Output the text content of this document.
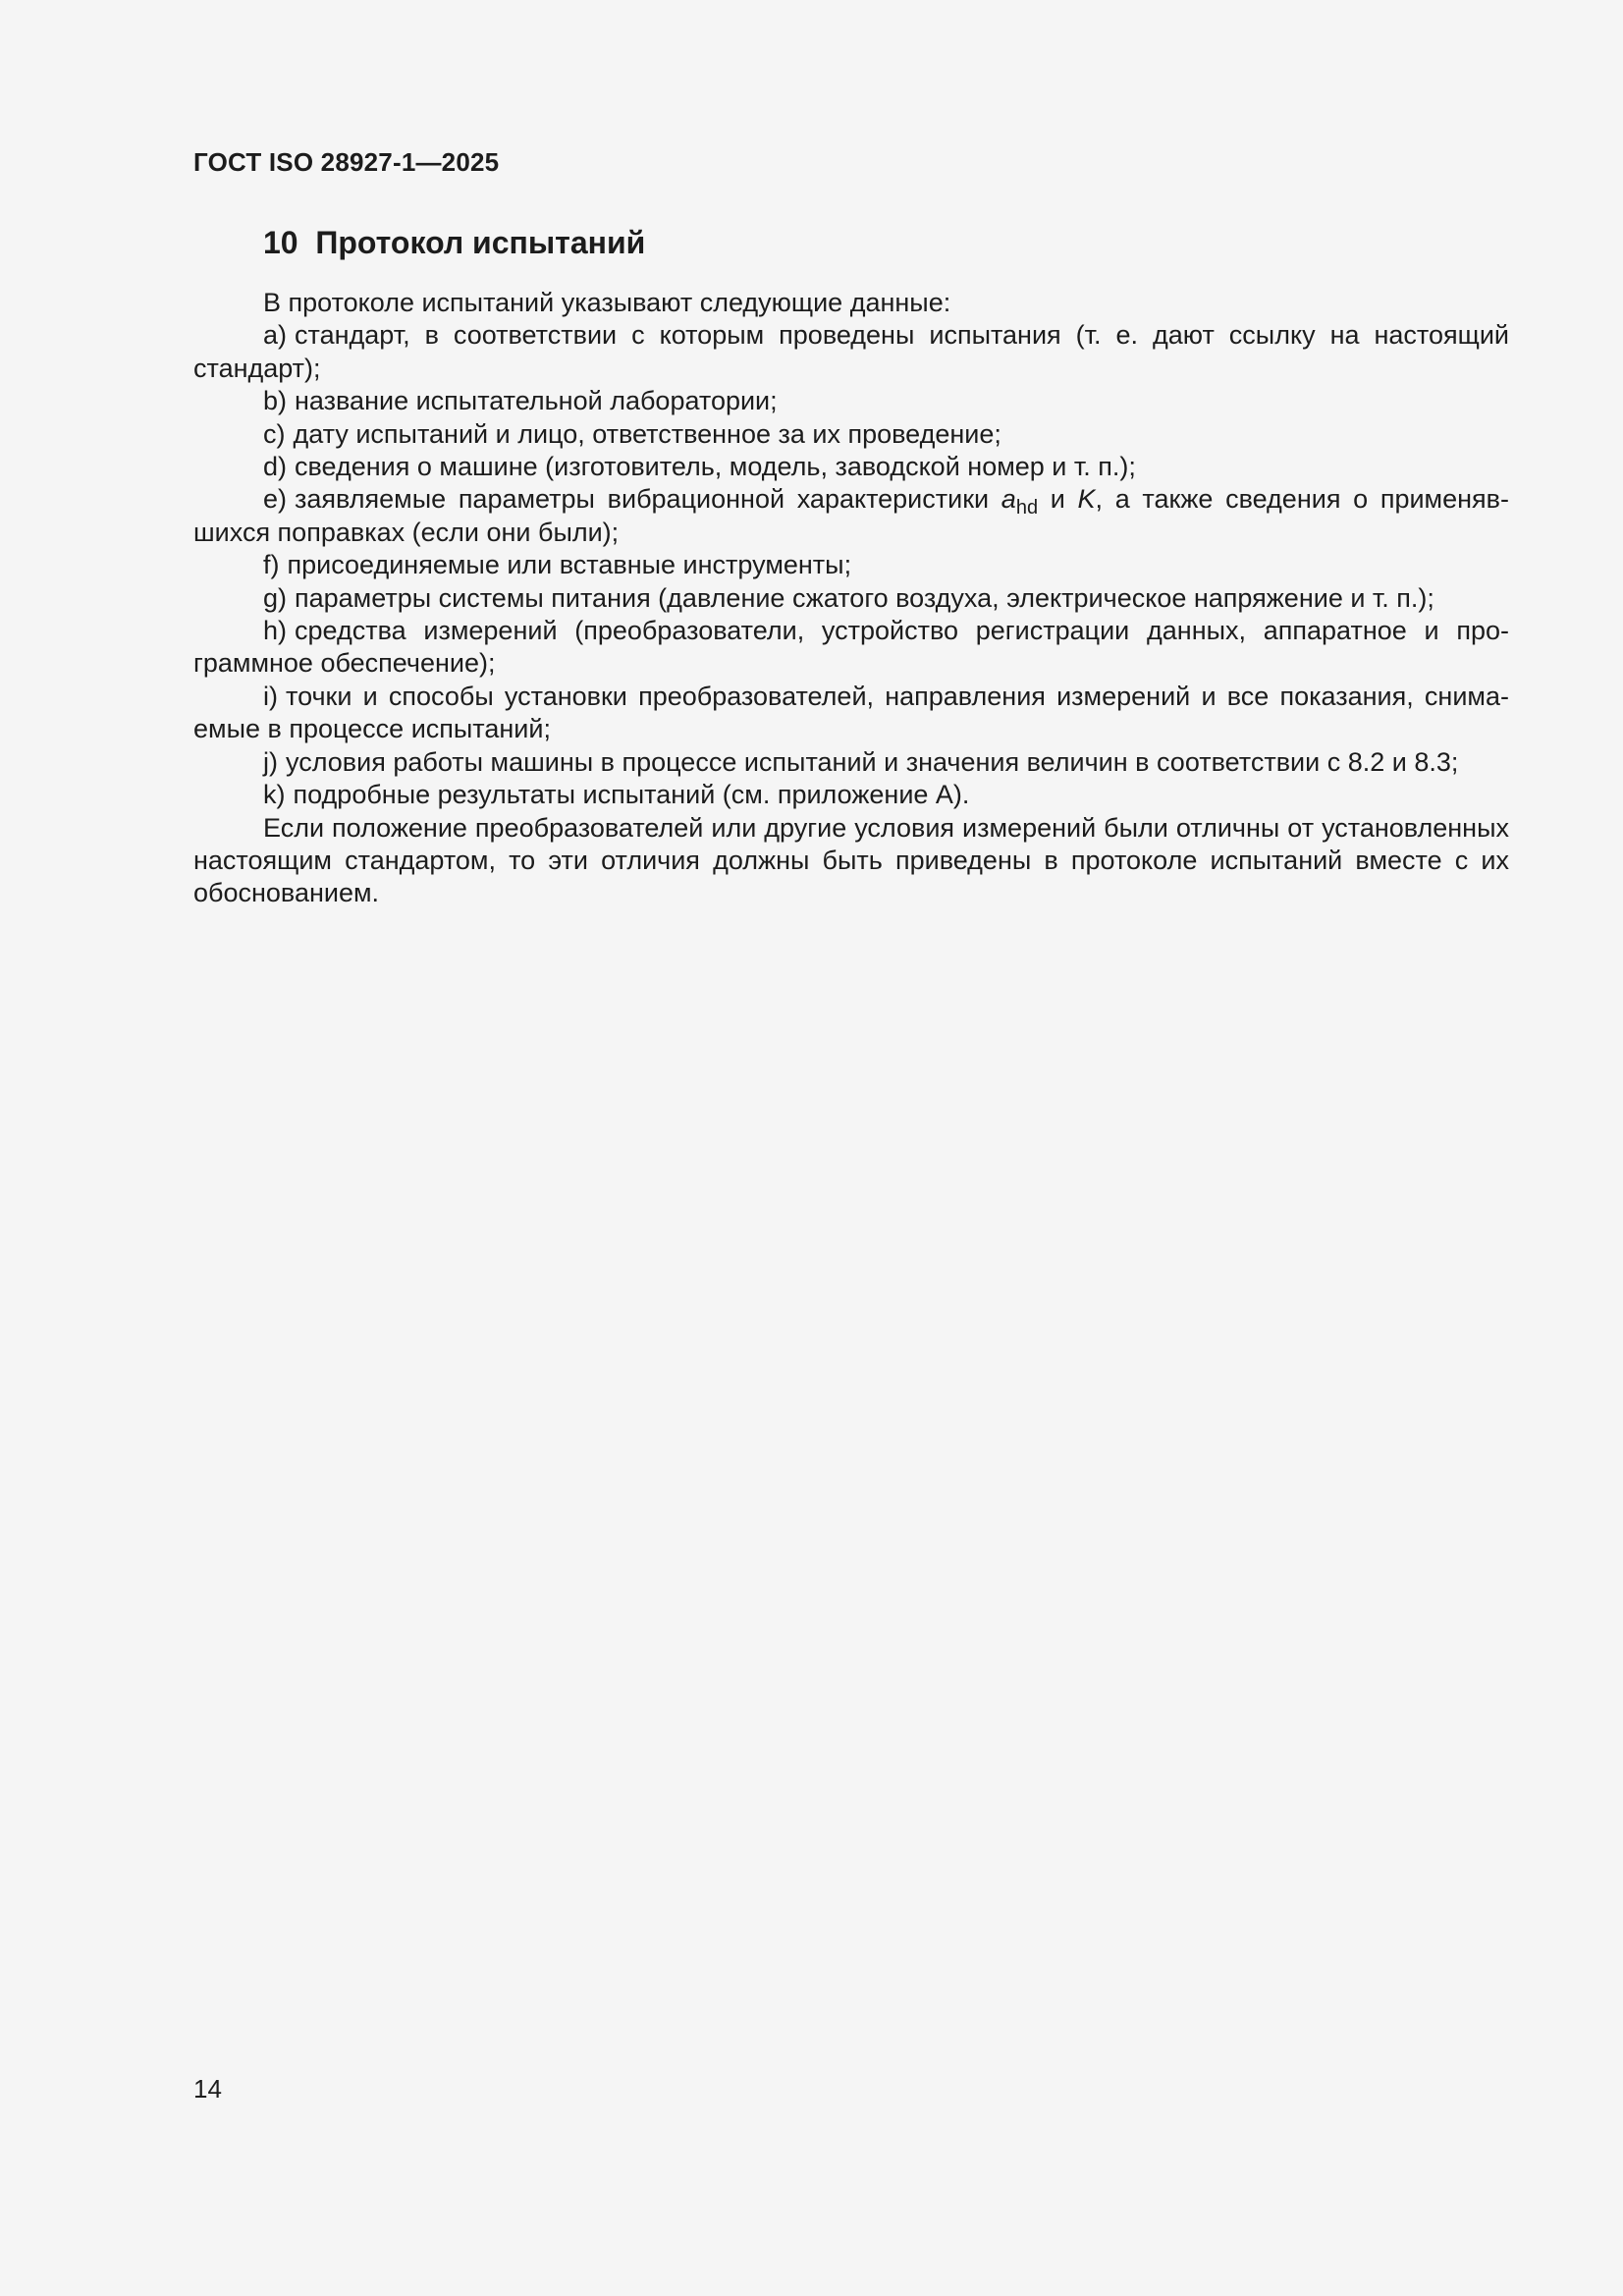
ГОСТ ISO 28927-1—2025
10 Протокол испытаний

В протоколе испытаний указывают следующие данные:

a) стандарт, в соответствии с которым проведены испытания (т. е. дают ссылку на настоящий стандарт);

b) название испытательной лаборатории;

c) дату испытаний и лицо, ответственное за их проведение;

d) сведения о машине (изготовитель, модель, заводской номер и т. п.);

e) заявляемые параметры вибрационной характеристики $a_{hd}$ и K, а также сведения о применявшихся поправках (если они были);

f) присоединяемые или вставные инструменты;

g) параметры системы питания (давление сжатого воздуха, электрическое напряжение и т. п.);

h) средства измерений (преобразователи, устройство регистрации данных, аппаратное и программное обеспечение);

i) точки и способы установки преобразователей, направления измерений и все показания, снимаемые в процессе испытаний;

j) условия работы машины в процессе испытаний и значения величин в соответствии с 8.2 и 8.3;

k) подробные результаты испытаний (см. приложение А).

Если положение преобразователей или другие условия измерений были отличны от установленных настоящим стандартом, то эти отличия должны быть приведены в протоколе испытаний вместе с их обоснованием.

14
